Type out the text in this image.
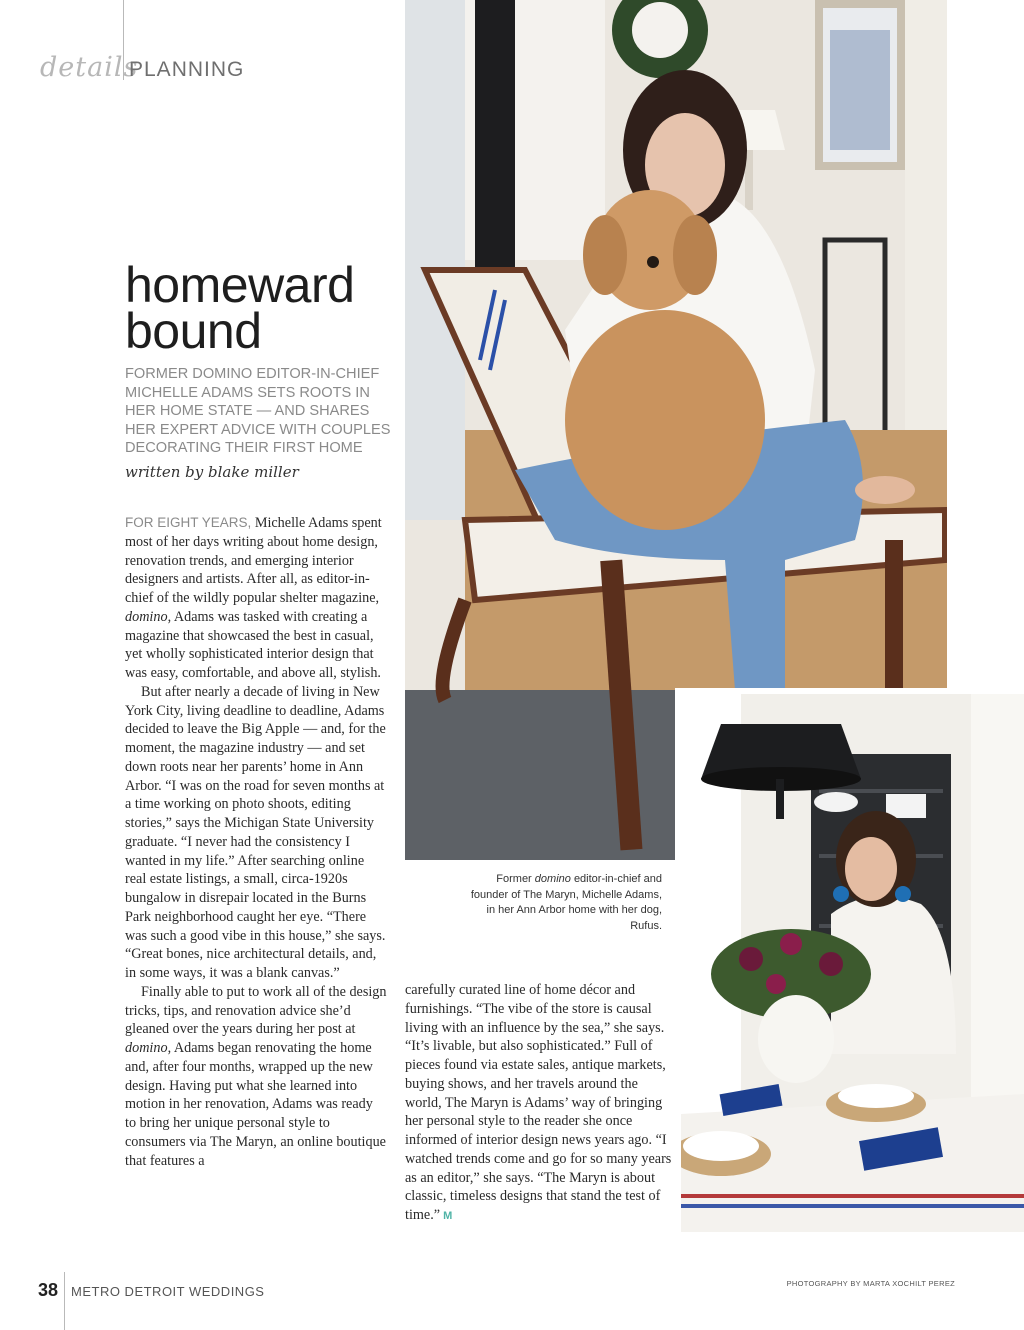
details
PLANNING
homeward
bound
FORMER DOMINO EDITOR-IN-CHIEF MICHELLE ADAMS SETS ROOTS IN HER HOME STATE — AND SHARES HER EXPERT ADVICE WITH COUPLES DECORATING THEIR FIRST HOME
written by blake miller

FOR EIGHT YEARS, Michelle Adams spent most of her days writing about home design, renovation trends, and emerging interior designers and artists. After all, as editor-in-chief of the wildly popular shelter magazine, domino, Adams was tasked with creating a magazine that showcased the best in casual, yet wholly sophisticated interior design that was easy, comfortable, and above all, stylish.

But after nearly a decade of living in New York City, living deadline to deadline, Adams decided to leave the Big Apple — and, for the moment, the magazine industry — and set down roots near her parents’ home in Ann Arbor. “I was on the road for seven months at a time working on photo shoots, editing stories,” says the Michigan State University graduate. “I never had the consistency I wanted in my life.” After searching online real estate listings, a small, circa-1920s bungalow in disrepair located in the Burns Park neighborhood caught her eye. “There was such a good vibe in this house,” she says. “Great bones, nice architectural details, and, in some ways, it was a blank canvas.”

Finally able to put to work all of the design tricks, tips, and renovation advice she’d gleaned over the years during her post at domino, Adams began renovating the home and, after four months, wrapped up the new design. Having put what she learned into motion in her renovation, Adams was ready to bring her unique personal style to consumers via The Maryn, an online boutique that features a

carefully curated line of home décor and furnishings. “The vibe of the store is causal living with an influence by the sea,” she says. “It’s livable, but also sophisticated.” Full of pieces found via estate sales, antique markets, buying shows, and her travels around the world, The Maryn is Adams’ way of bringing her personal style to the reader she once informed of interior design news years ago. “I watched trends come and go for so many years as an editor,” she says. “The Maryn is about classic, timeless designs that stand the test of time.” M

Former domino editor-in-chief and founder of The Maryn, Michelle Adams, in her Ann Arbor home with her dog, Rufus.
38 METRO DETROIT WEDDINGS
PHOTOGRAPHY BY MARTA XOCHILT PEREZ
